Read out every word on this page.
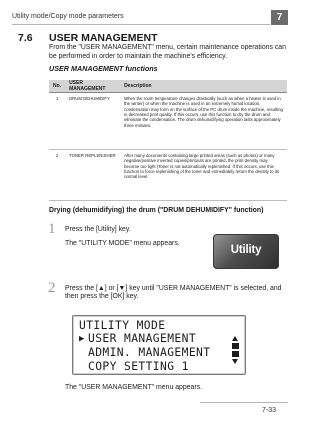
Utility mode/Copy mode parameters	7
7.6 USER MANAGEMENT
From the "USER MANAGEMENT" menu, certain maintenance operations can be performed in order to maintain the machine's efficiency.
USER MANAGEMENT functions
No.	USER MANAGEMENT	Description
1	DRUM DEHUMIDIFY	When the room temperature changes drastically (such as when a heater is used in the winter) or when the machine is used in an extremely humid location, condensation may form on the surface of the PC drum inside the machine, resulting in decreased print quality. If this occurs, use this function to dry the drum and eliminate the condensation. The drum dehumidifying operation lasts approximately three minutes.
2	TONER REPLENISHER	After many documents containing large printed areas (such as photos) or many negative/positive inverted copies/printouts are printed, the print density may become too light (Toner is not automatically replenished. If this occurs, use this function to force replenishing of the toner and immediately return the density to its normal level.
Drying (dehumidifying) the drum ("DRUM DEHUMIDIFY" function)
1 Press the [Utility] key.
The "UTILITY MODE" menu appears.
Utility
2 Press the [▲] or [▼] key until "USER MANAGEMENT" is selected, and then press the [OK] key.
UTILITY MODE
▶ USER MANAGEMENT
ADMIN. MANAGEMENT
COPY SETTING 1
The "USER MANAGEMENT" menu appears.
7-33
